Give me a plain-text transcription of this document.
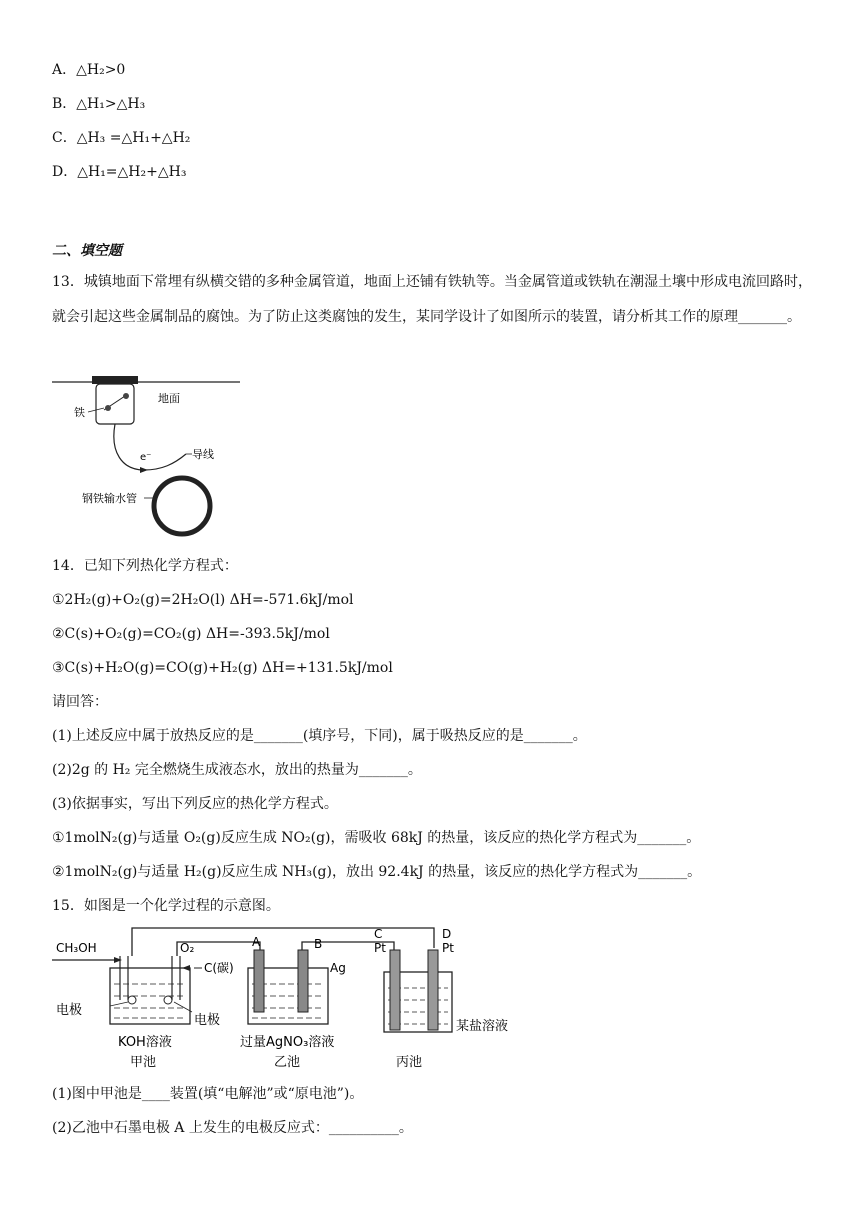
A．△H₂>0
B．△H₁>△H₃
C．△H₃ =△H₁+△H₂
D．△H₁=△H₂+△H₃
二、填空题
13．城镇地面下常埋有纵横交错的多种金属管道，地面上还铺有铁轨等。当金属管道或铁轨在潮湿土壤中形成电流回路时，就会引起这些金属制品的腐蚀。为了防止这类腐蚀的发生，某同学设计了如图所示的装置，请分析其工作的原理_______。
铁
地面
e⁻	导线
钢铁输水管
14．已知下列热化学方程式：
①2H₂(g)+O₂(g)=2H₂O(l) ΔH=-571.6kJ/mol
②C(s)+O₂(g)=CO₂(g) ΔH=-393.5kJ/mol
③C(s)+H₂O(g)=CO(g)+H₂(g) ΔH=+131.5kJ/mol
请回答：
(1)上述反应中属于放热反应的是_______(填序号，下同)，属于吸热反应的是_______。
(2)2g 的 H₂ 完全燃烧生成液态水，放出的热量为_______。
(3)依据事实，写出下列反应的热化学方程式。
①1molN₂(g)与适量 O₂(g)反应生成 NO₂(g)，需吸收 68kJ 的热量，该反应的热化学方程式为_______。
②1molN₂(g)与适量 H₂(g)反应生成 NH₃(g)，放出 92.4kJ 的热量，该反应的热化学方程式为_______。
15．如图是一个化学过程的示意图。
CH₃OH	O₂
C(碳)
电极
电极
KOH溶液
甲池
A	B
Ag
过量AgNO₃溶液
乙池
C
Pt
D
Pt
某盐溶液
丙池
(1)图中甲池是____装置(填“电解池”或“原电池”)。
(2)乙池中石墨电极 A 上发生的电极反应式：__________。
